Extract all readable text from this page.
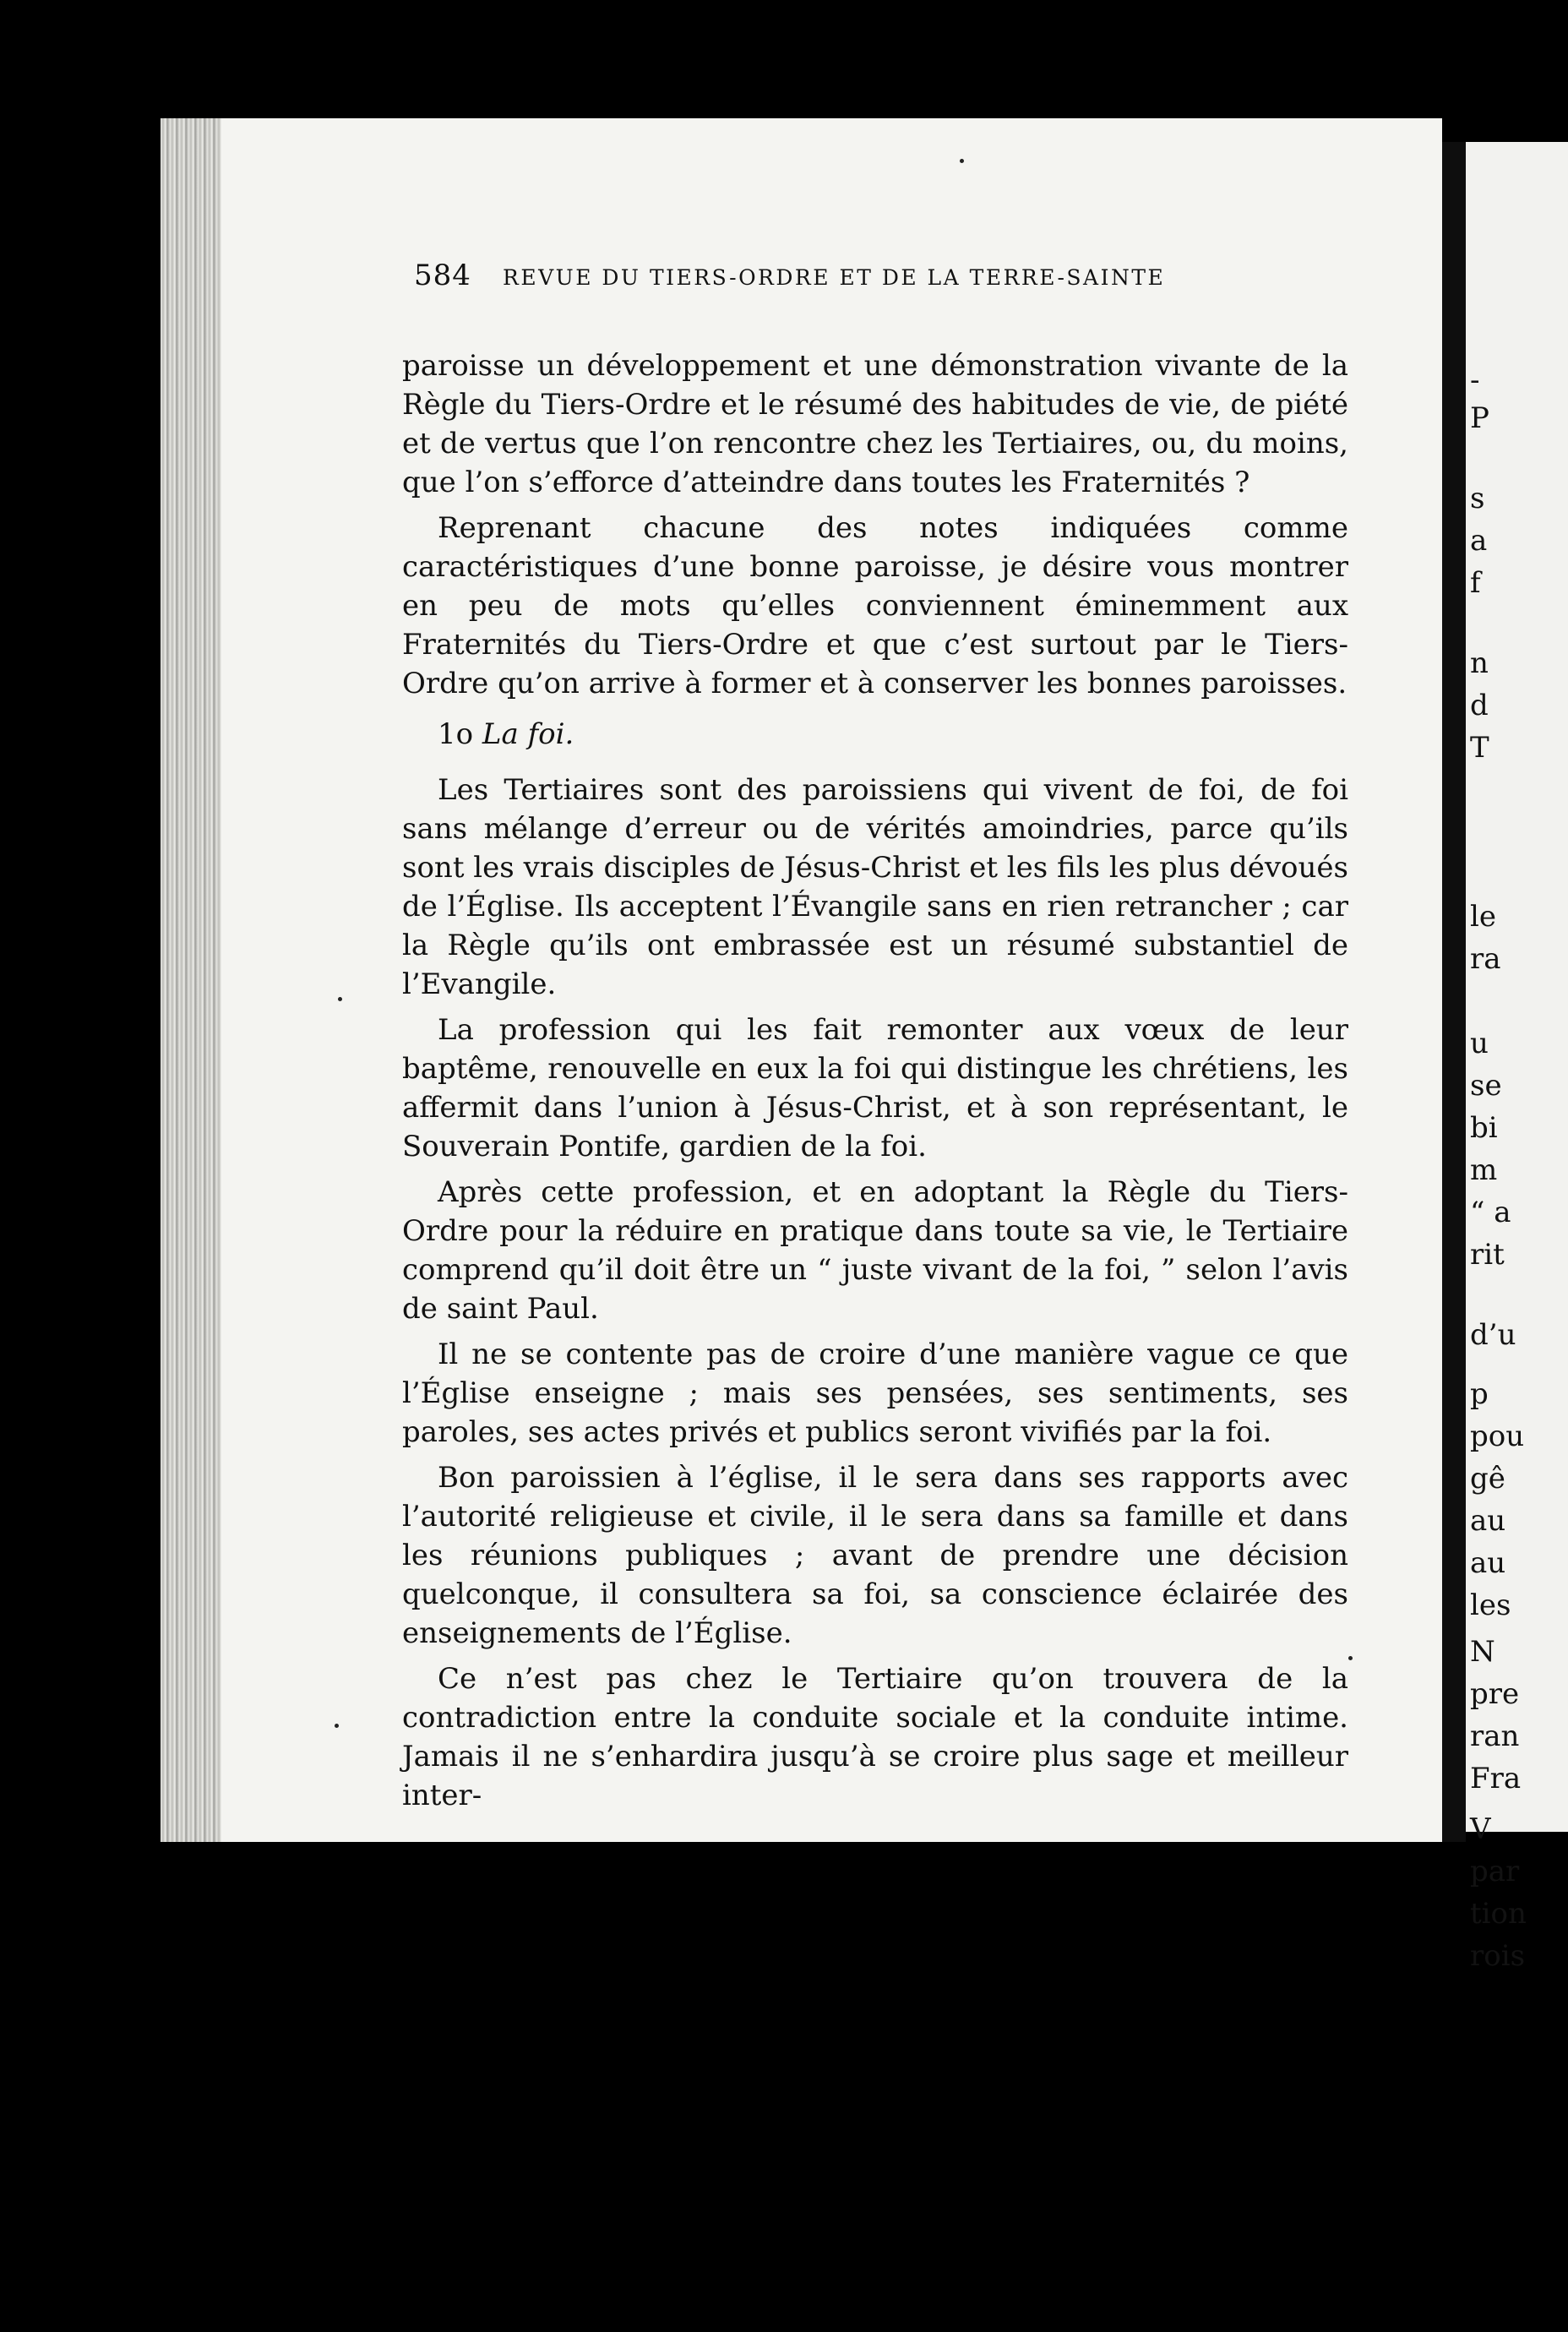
584 REVUE DU TIERS-ORDRE ET DE LA TERRE-SAINTE

paroisse un développement et une démonstration vivante de la Règle du Tiers-Ordre et le résumé des habitudes de vie, de piété et de vertus que l’on rencontre chez les Tertiaires, ou, du moins, que l’on s’efforce d’atteindre dans toutes les Fraternités ?

Reprenant chacune des notes indiquées comme caractéristiques d’une bonne paroisse, je désire vous montrer en peu de mots qu’elles conviennent éminemment aux Fraternités du Tiers-Ordre et que c’est surtout par le Tiers-Ordre qu’on arrive à former et à conserver les bonnes paroisses.

1o La foi.

Les Tertiaires sont des paroissiens qui vivent de foi, de foi sans mélange d’erreur ou de vérités amoindries, parce qu’ils sont les vrais disciples de Jésus-Christ et les fils les plus dévoués de l’Église. Ils acceptent l’Évangile sans en rien retrancher ; car la Règle qu’ils ont embrassée est un résumé substantiel de l’Evangile.

La profession qui les fait remonter aux vœux de leur baptême, renouvelle en eux la foi qui distingue les chrétiens, les affermit dans l’union à Jésus-Christ, et à son représentant, le Souverain Pontife, gardien de la foi.

Après cette profession, et en adoptant la Règle du Tiers-Ordre pour la réduire en pratique dans toute sa vie, le Tertiaire comprend qu’il doit être un “ juste vivant de la foi, ” selon l’avis de saint Paul.

Il ne se contente pas de croire d’une manière vague ce que l’Église enseigne ; mais ses pensées, ses sentiments, ses paroles, ses actes privés et publics seront vivifiés par la foi.

Bon paroissien à l’église, il le sera dans ses rapports avec l’autorité religieuse et civile, il le sera dans sa famille et dans les réunions publiques ; avant de prendre une décision quelconque, il consultera sa foi, sa conscience éclairée des enseignements de l’Église.

Ce n’est pas chez le Tertiaire qu’on trouvera de la contradiction entre la conduite sociale et la conduite intime. Jamais il ne s’enhardira jusqu’à se croire plus sage et meilleur inter-

-
P
s
a
f
n
d
T
le
ra
u
se
bi
m
“ a
rit
d’u
p
pou
gê
au
au
les
N
pre
ran
Fra
V
par
tion
rois
